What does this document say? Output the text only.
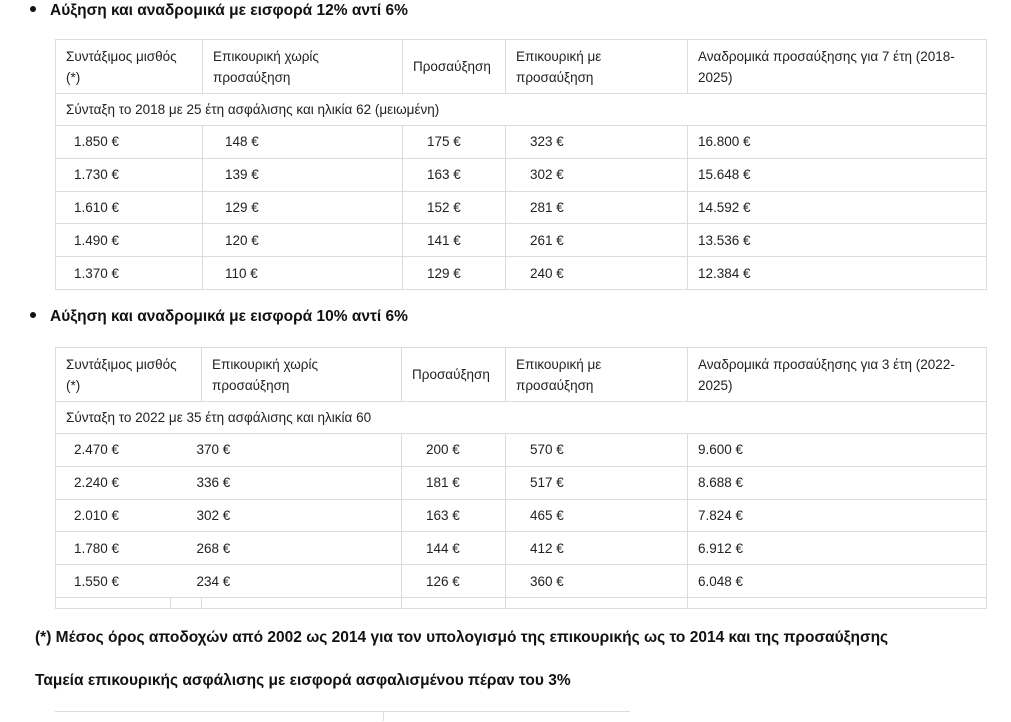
Αύξηση και αναδρομικά με εισφορά 12% αντί 6%
Συντάξιμος μισθός (*)	Επικουρική χωρίς προσαύξηση	Προσαύξηση	Επικουρική με προσαύξηση	Αναδρομικά προσαύξησης για 7 έτη (2018-2025)
Σύνταξη το 2018 με 25 έτη ασφάλισης και ηλικία 62 (μειωμένη)				
1.850 €	148 €	175 €	323 €	16.800 €
1.730 €	139 €	163 €	302 €	15.648 €
1.610 €	129 €	152 €	281 €	14.592 €
1.490 €	120 €	141 €	261 €	13.536 €
1.370 €	110 €	129 €	240 €	12.384 €
Αύξηση και αναδρομικά με εισφορά 10% αντί 6%
Συντάξιμος μισθός (*)		Επικουρική χωρίς προσαύξηση	Προσαύξηση	Επικουρική με προσαύξηση	Αναδρομικά προσαύξησης για 3 έτη (2022-2025)
Σύνταξη το 2022 με 35 έτη ασφάλισης και ηλικία 60					
2.470 €	370 €		200 €	570 €	9.600 €
2.240 €	336 €		181 €	517 €	8.688 €
2.010 €	302 €		163 €	465 €	7.824 €
1.780 €	268 €		144 €	412 €	6.912 €
1.550 €	234 €		126 €	360 €	6.048 €

(*) Μέσος όρος αποδοχών από 2002 ως 2014 για τον υπολογισμό της επικουρικής ως το 2014 και της προσαύξησης
Ταμεία επικουρικής ασφάλισης με εισφορά ασφαλισμένου πέραν του 3%
